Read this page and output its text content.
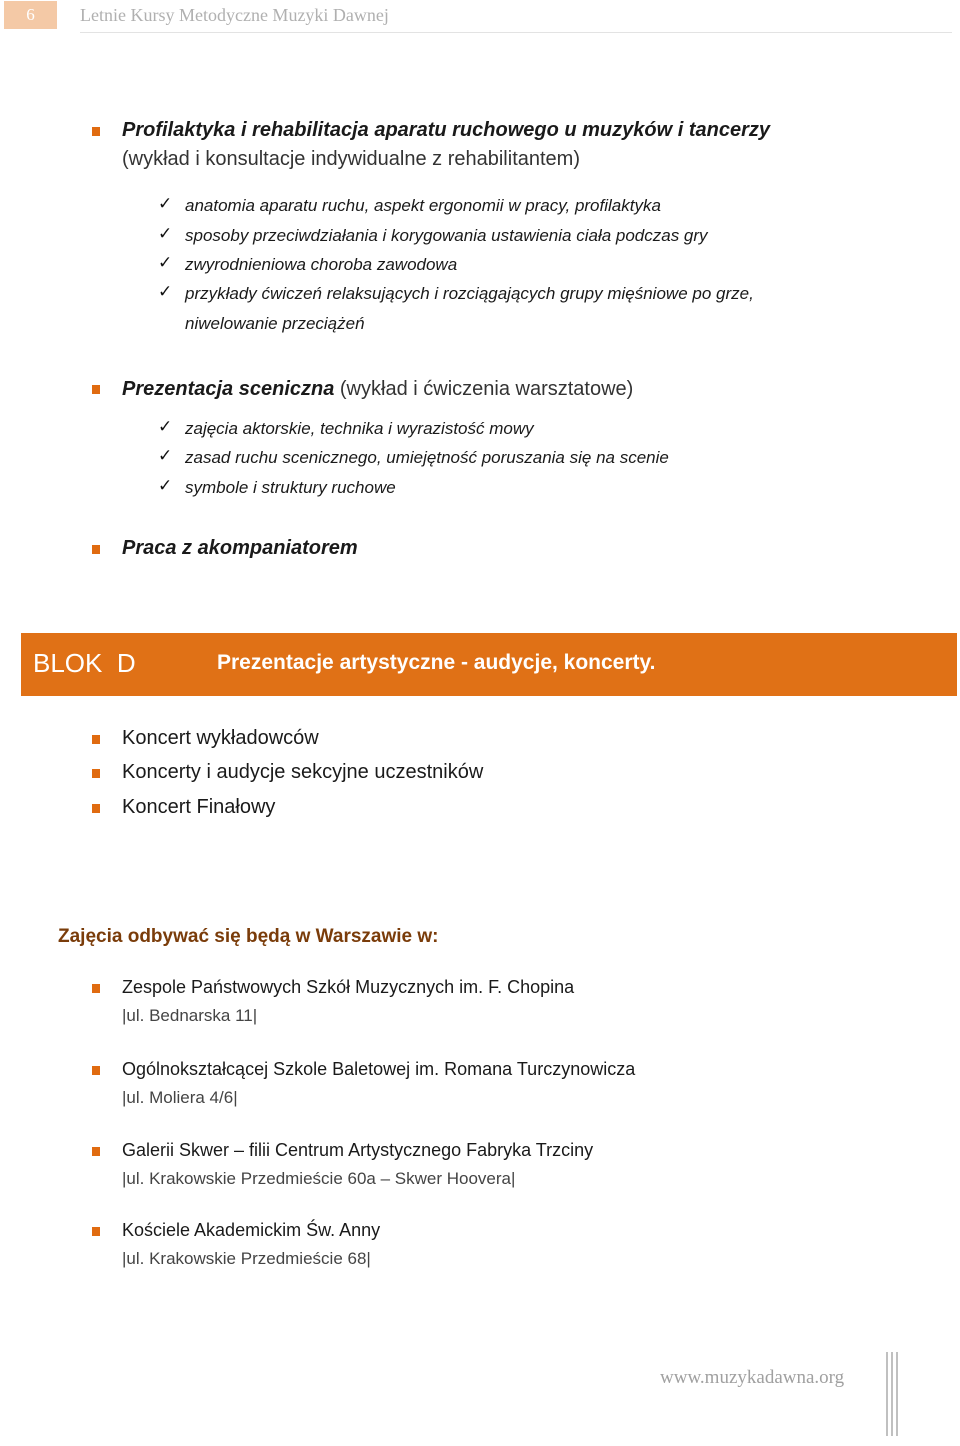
6	Letnie Kursy Metodyczne Muzyki Dawnej
Profilaktyka i rehabilitacja aparatu ruchowego u muzyków i tancerzy
(wykład i konsultacje indywidualne z rehabilitantem)
✓ anatomia aparatu ruchu, aspekt ergonomii w pracy, profilaktyka
✓ sposoby przeciwdziałania i korygowania ustawienia ciała podczas gry
✓ zwyrodnieniowa choroba zawodowa
✓ przykłady ćwiczeń relaksujących i rozciągających grupy mięśniowe po grze,
niwelowanie przeciążeń
Prezentacja sceniczna (wykład i ćwiczenia warsztatowe)
✓ zajęcia aktorskie, technika i wyrazistość mowy
✓ zasad ruchu scenicznego, umiejętność poruszania się na scenie
✓ symbole i struktury ruchowe
Praca z akompaniatorem
BLOK  D	Prezentacje artystyczne - audycje, koncerty.
Koncert wykładowców
Koncerty i audycje sekcyjne uczestników
Koncert Finałowy
Zajęcia odbywać się będą w Warszawie w:
Zespole Państwowych Szkół Muzycznych im. F. Chopina
|ul. Bednarska 11|
Ogólnokształcącej Szkole Baletowej im. Romana Turczynowicza
|ul. Moliera 4/6|
Galerii Skwer – filii Centrum Artystycznego Fabryka Trzciny
|ul. Krakowskie Przedmieście 60a – Skwer Hoovera|
Kościele Akademickim Św. Anny
|ul. Krakowskie Przedmieście 68|
www.muzykadawna.org
